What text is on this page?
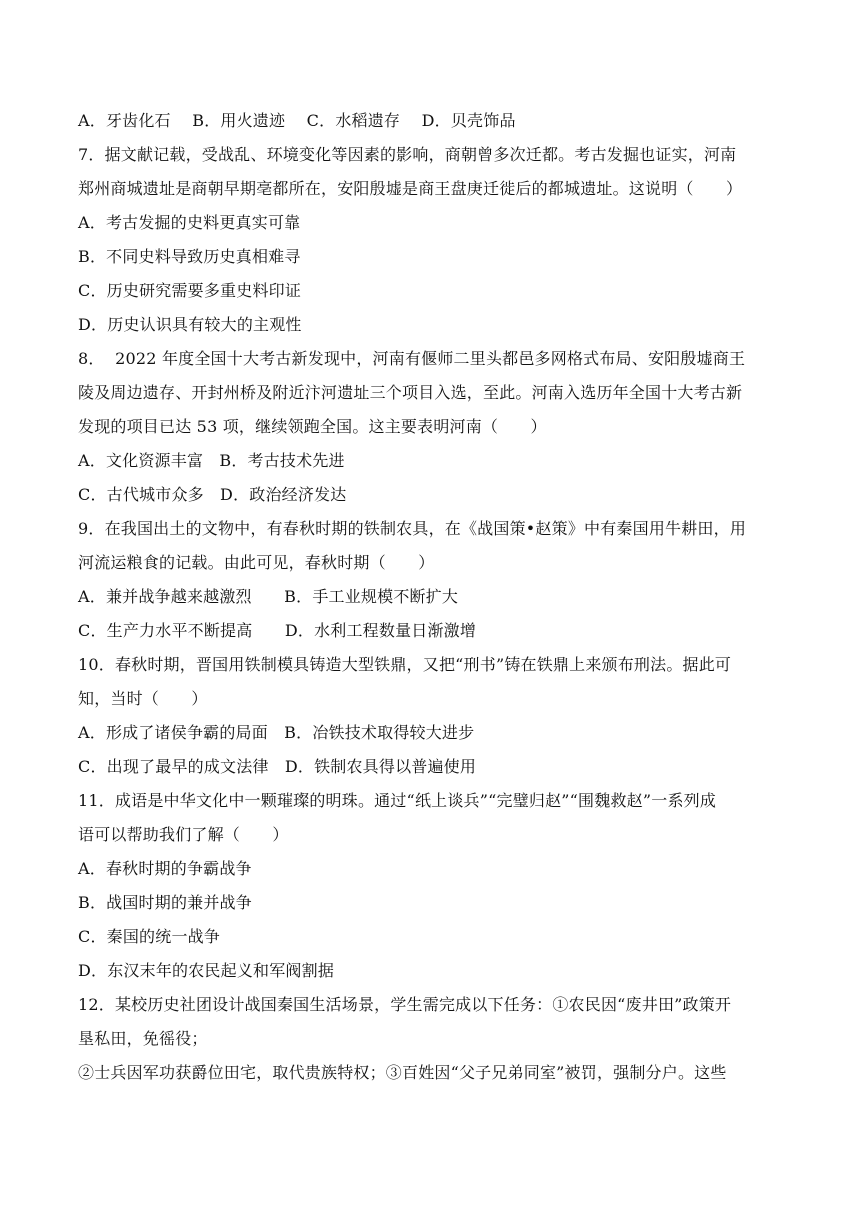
A．牙齿化石　 B．用火遗迹　 C．水稻遗存　 D．贝壳饰品
7．据文献记载，受战乱、环境变化等因素的影响，商朝曾多次迁都。考古发掘也证实，河南
郑州商城遗址是商朝早期亳都所在，安阳殷墟是商王盘庚迁徙后的都城遗址。这说明（　　）
A．考古发掘的史料更真实可靠
B．不同史料导致历史真相难寻
C．历史研究需要多重史料印证
D．历史认识具有较大的主观性
8．  2022 年度全国十大考古新发现中，河南有偃师二里头都邑多网格式布局、安阳殷墟商王
陵及周边遗存、开封州桥及附近汴河遗址三个项目入选，至此。河南入选历年全国十大考古新
发现的项目已达 53 项，继续领跑全国。这主要表明河南（　　）
A．文化资源丰富　B．考古技术先进
C．古代城市众多　D．政治经济发达
9．在我国出土的文物中，有春秋时期的铁制农具，在《战国策•赵策》中有秦国用牛耕田，用
河流运粮食的记载。由此可见，春秋时期（　　）
A．兼并战争越来越激烈　　B．手工业规模不断扩大
C．生产力水平不断提高　　D．水利工程数量日渐激增
10．春秋时期，晋国用铁制模具铸造大型铁鼎，又把“刑书”铸在铁鼎上来颁布刑法。据此可
知，当时（　　）
A．形成了诸侯争霸的局面　B．冶铁技术取得较大进步
C．出现了最早的成文法律　D．铁制农具得以普遍使用
11．成语是中华文化中一颗璀璨的明珠。通过“纸上谈兵”“完璧归赵”“围魏救赵”一系列成
语可以帮助我们了解（　　）
A．春秋时期的争霸战争
B．战国时期的兼并战争
C．秦国的统一战争
D．东汉末年的农民起义和军阀割据
12．某校历史社团设计战国秦国生活场景，学生需完成以下任务：①农民因“废井田”政策开
垦私田，免徭役；
②士兵因军功获爵位田宅，取代贵族特权；③百姓因“父子兄弟同室”被罚，强制分户。这些
